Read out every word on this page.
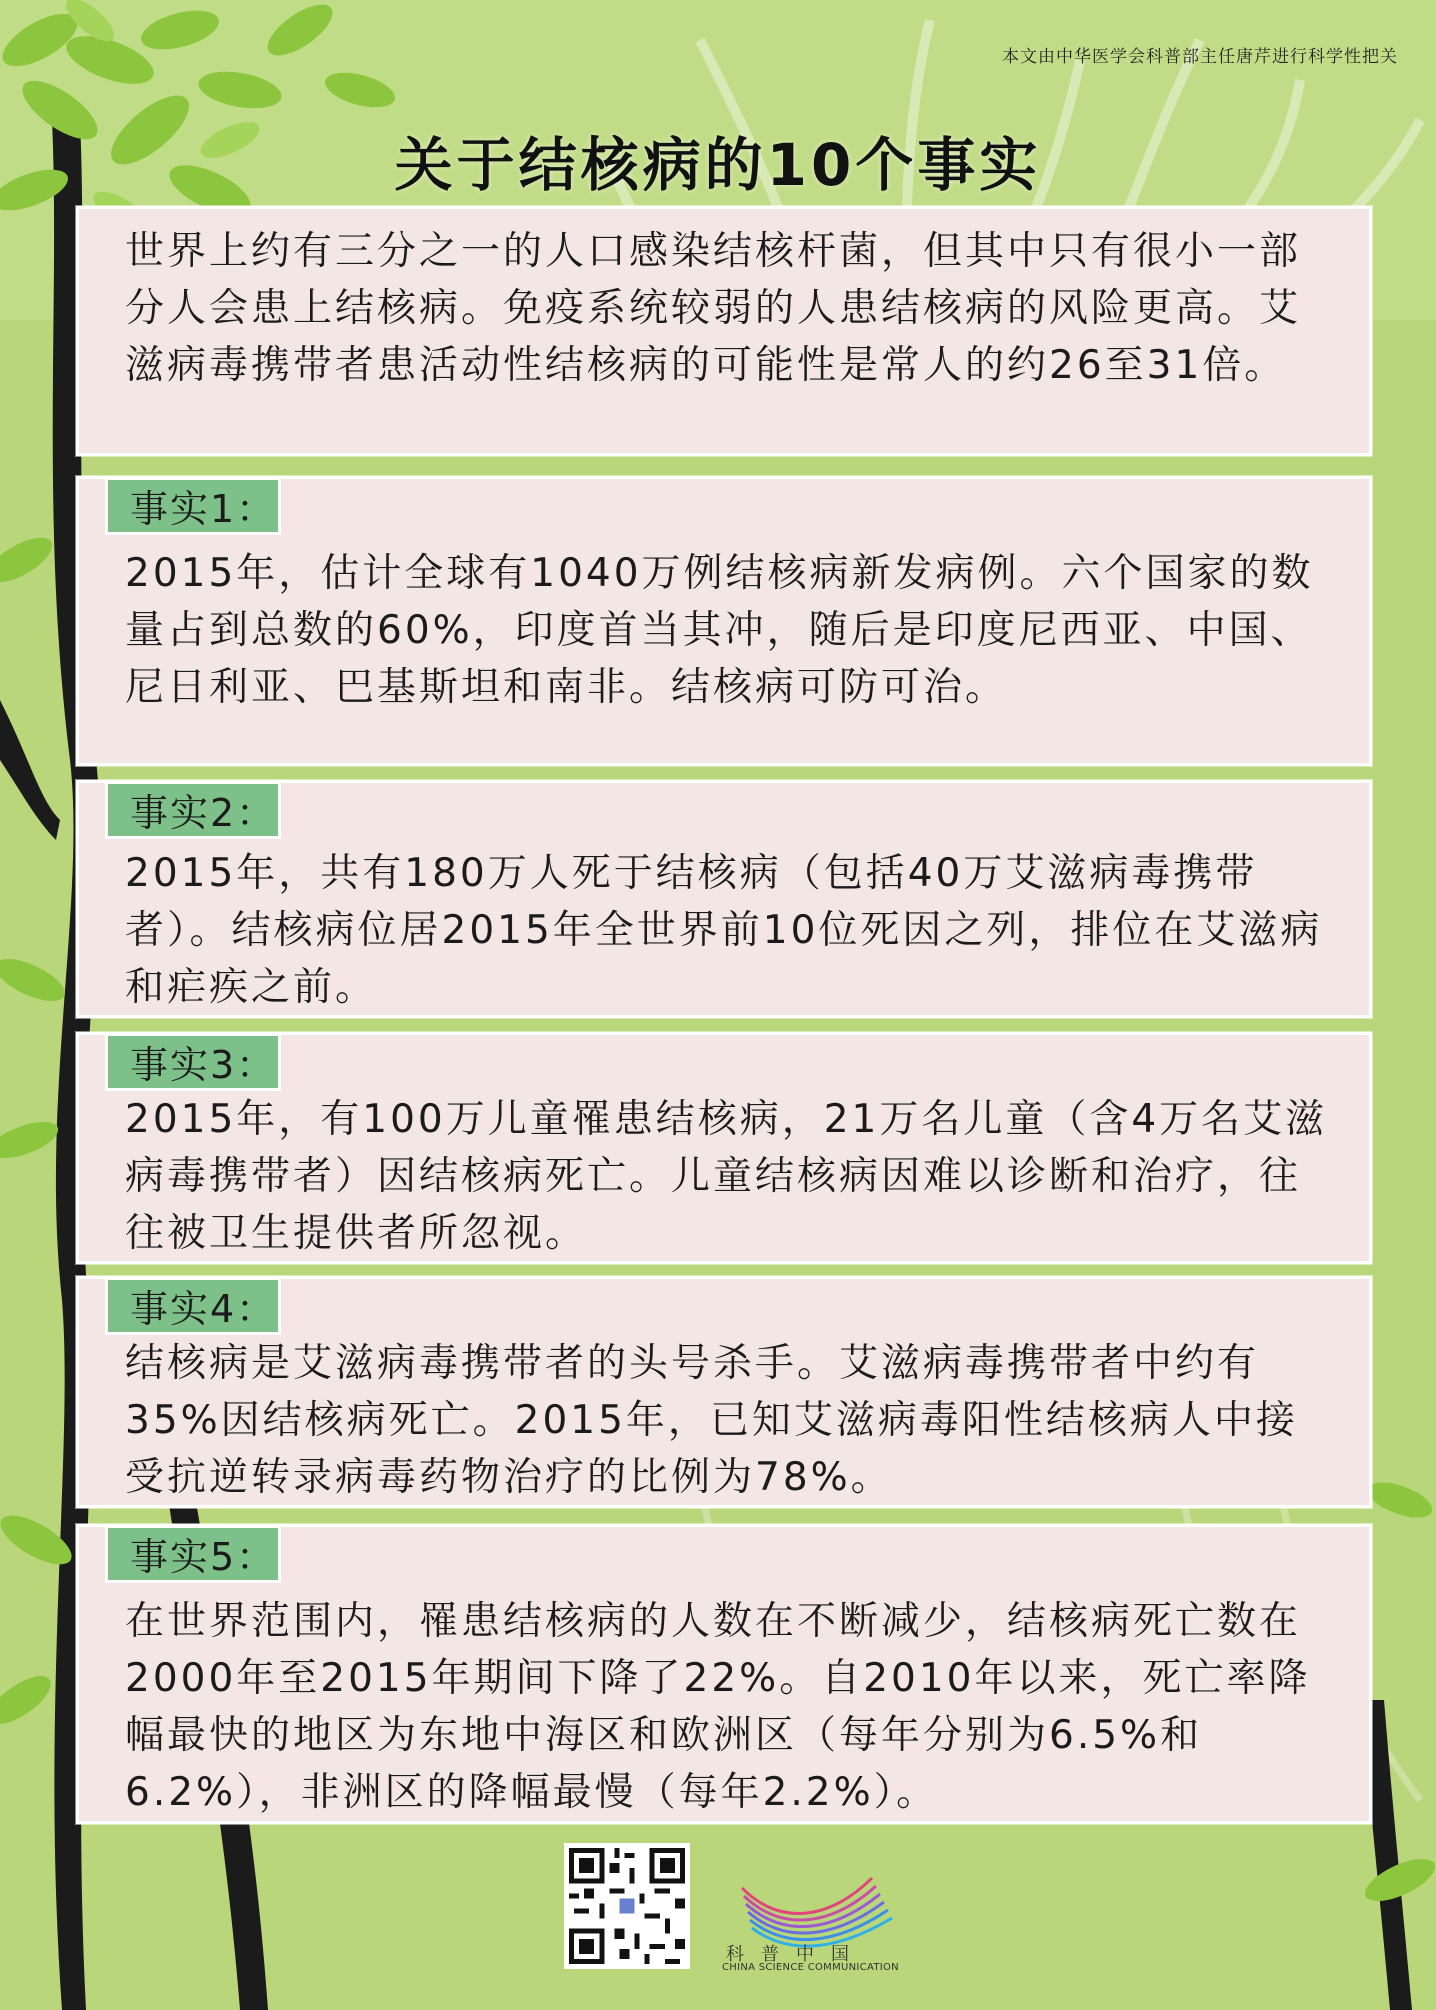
本文由中华医学会科普部主任唐芹进行科学性把关
关于结核病的10个事实

世界上约有三分之一的人口感染结核杆菌，但其中只有很小一部分人会患上结核病。免疫系统较弱的人患结核病的风险更高。艾滋病毒携带者患活动性结核病的可能性是常人的约26至31倍。

事实1：

2015年，估计全球有1040万例结核病新发病例。六个国家的数量占到总数的60%，印度首当其冲，随后是印度尼西亚、中国、尼日利亚、巴基斯坦和南非。结核病可防可治。

事实2：

2015年，共有180万人死于结核病（包括40万艾滋病毒携带者）。结核病位居2015年全世界前10位死因之列，排位在艾滋病和疟疾之前。

事实3：

2015年，有100万儿童罹患结核病，21万名儿童（含4万名艾滋病毒携带者）因结核病死亡。儿童结核病因难以诊断和治疗，往往被卫生提供者所忽视。

事实4：

结核病是艾滋病毒携带者的头号杀手。艾滋病毒携带者中约有35%因结核病死亡。2015年，已知艾滋病毒阳性结核病人中接受抗逆转录病毒药物治疗的比例为78%。

事实5：

在世界范围内，罹患结核病的人数在不断减少，结核病死亡数在2000年至2015年期间下降了22%。自2010年以来，死亡率降幅最快的地区为东地中海区和欧洲区（每年分别为6.5%和6.2%），非洲区的降幅最慢（每年2.2%）。

科普中国
CHINA SCIENCE COMMUNICATION
